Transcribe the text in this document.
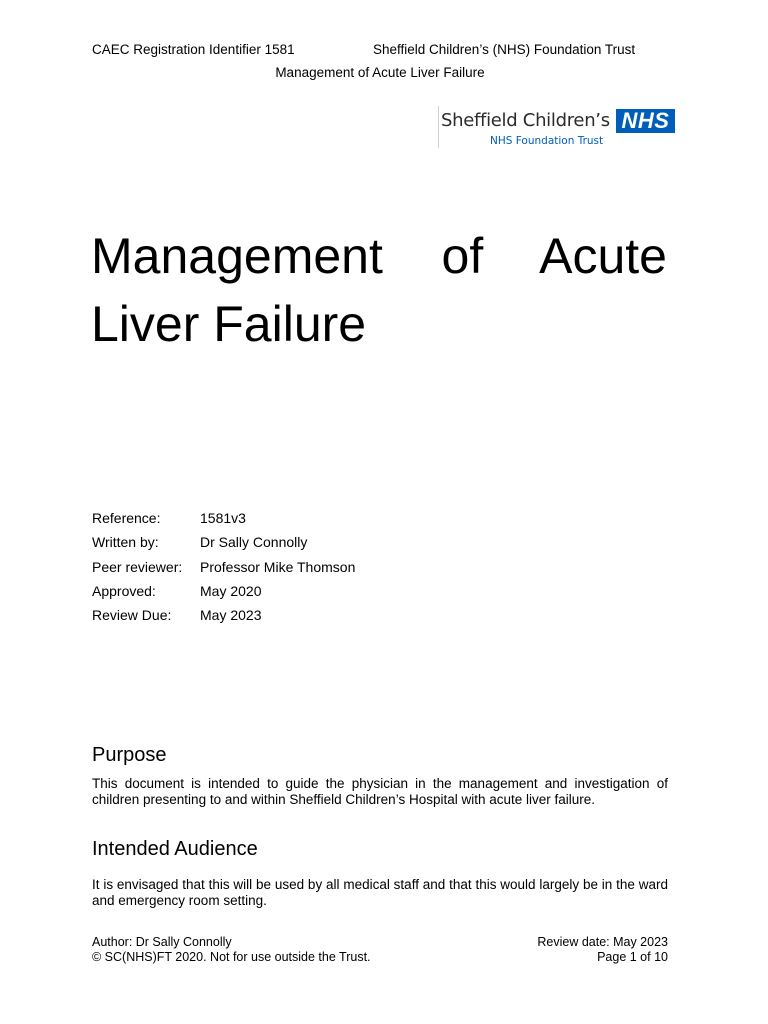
CAEC Registration Identifier 1581	Sheffield Children’s (NHS) Foundation Trust
Management of Acute Liver Failure
Sheffield Children’s NHS
NHS Foundation Trust
Management of Acute Liver Failure
Reference:	1581v3
Written by:	Dr Sally Connolly
Peer reviewer:	Professor Mike Thomson
Approved:	May 2020
Review Due:	May 2023
Purpose

This document is intended to guide the physician in the management and investigation of children presenting to and within Sheffield Children’s Hospital with acute liver failure.

Intended Audience

It is envisaged that this will be used by all medical staff and that this would largely be in the ward and emergency room setting.

Author: Dr Sally Connolly
© SC(NHS)FT 2020. Not for use outside the Trust.
Review date: May 2023
Page 1 of 10
